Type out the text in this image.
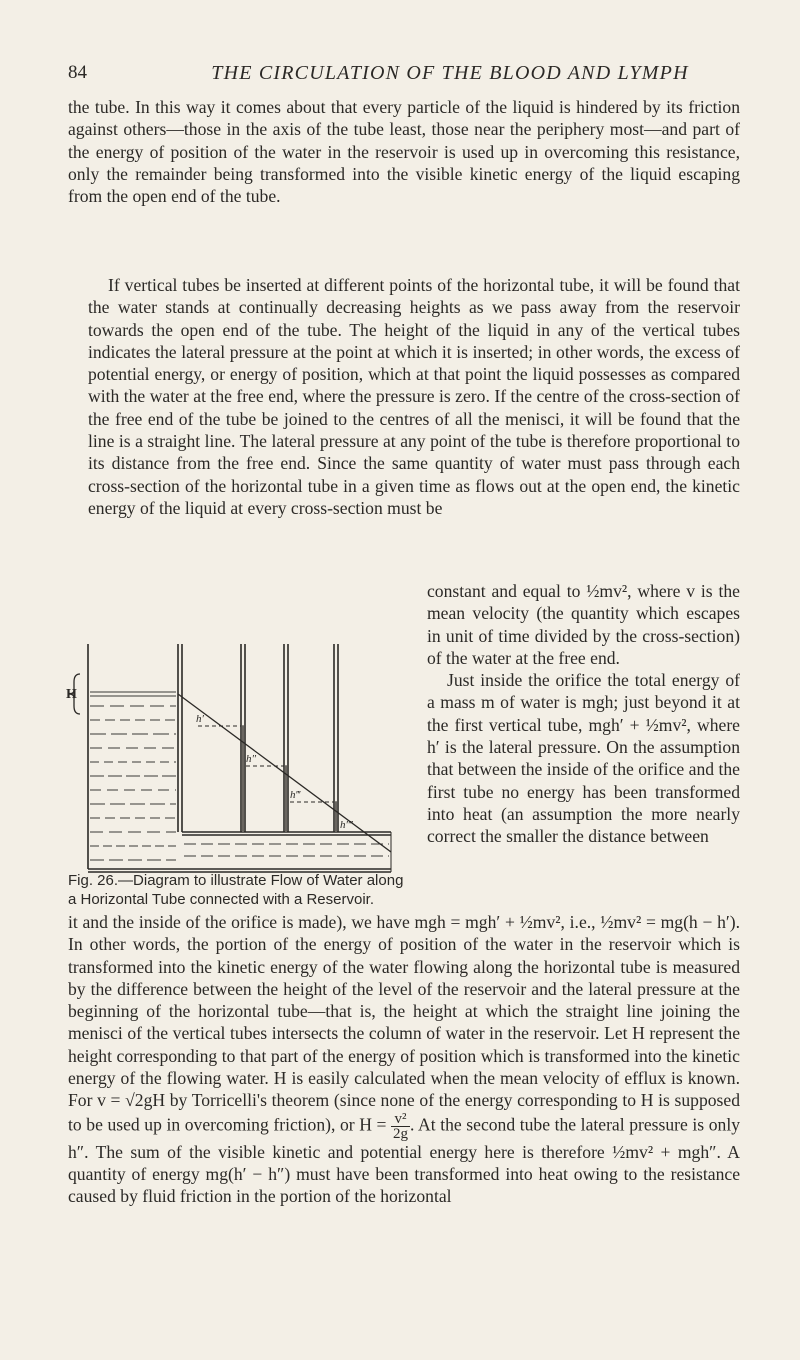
84	THE CIRCULATION OF THE BLOOD AND LYMPH
the tube. In this way it comes about that every particle of the liquid is hindered by its friction against others—those in the axis of the tube least, those near the periphery most—and part of the energy of position of the water in the reservoir is used up in overcoming this resistance, only the remainder being transformed into the visible kinetic energy of the liquid escaping from the open end of the tube.

If vertical tubes be inserted at different points of the horizontal tube, it will be found that the water stands at continually decreasing heights as we pass away from the reservoir towards the open end of the tube. The height of the liquid in any of the vertical tubes indicates the lateral pressure at the point at which it is inserted; in other words, the excess of potential energy, or energy of position, which at that point the liquid possesses as compared with the water at the free end, where the pressure is zero. If the centre of the cross-section of the free end of the tube be joined to the centres of all the menisci, it will be found that the line is a straight line. The lateral pressure at any point of the tube is therefore proportional to its distance from the free end. Since the same quantity of water must pass through each cross-section of the horizontal tube in a given time as flows out at the open end, the kinetic energy of the liquid at every cross-section must be

constant and equal to ½mv², where v is the mean velocity (the quantity which escapes in unit of time divided by the cross-section) of the water at the free end.

Just inside the orifice the total energy of a mass m of water is mgh; just beyond it at the first vertical tube, mgh′ + ½mv², where h′ is the lateral pressure. On the assumption that between the inside of the orifice and the first tube no energy has been transformed into heat (an assumption the more nearly correct the smaller the distance between

H
h′
h″
h‴
h′‴
Fig. 26.—Diagram to illustrate Flow of Water along a Horizontal Tube connected with a Reservoir.
it and the inside of the orifice is made), we have mgh = mgh′ + ½mv², i.e., ½mv² = mg(h − h′). In other words, the portion of the energy of position of the water in the reservoir which is transformed into the kinetic energy of the water flowing along the horizontal tube is measured by the difference between the height of the level of the reservoir and the lateral pressure at the beginning of the horizontal tube—that is, the height at which the straight line joining the menisci of the vertical tubes intersects the column of water in the reservoir. Let H represent the height corresponding to that part of the energy of position which is transformed into the kinetic energy of the flowing water. H is easily calculated when the mean velocity of efflux is known. For v = √2gH by Torricelli's theorem (since none of the energy corresponding to H is supposed to be used up in overcoming friction), or $H = \frac{\text{v²}}{2g}$ . At the second tube the lateral pressure is only h″. The sum of the visible kinetic and potential energy here is therefore ½mv² + mgh″. A quantity of energy mg(h′ − h″) must have been transformed into heat owing to the resistance caused by fluid friction in the portion of the horizontal
